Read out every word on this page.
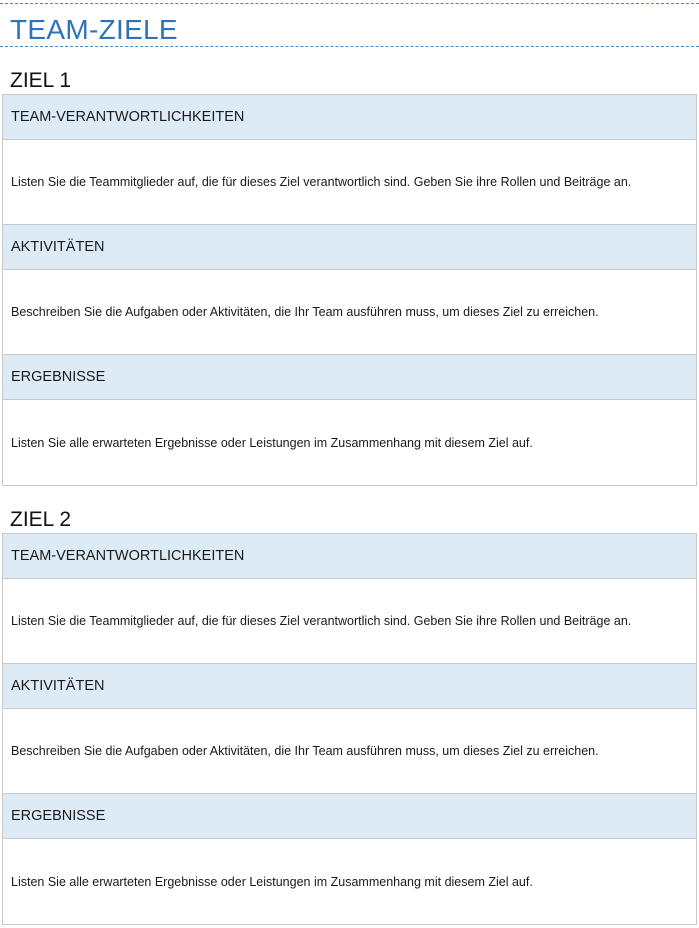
TEAM-ZIELE
ZIEL 1
TEAM-VERANTWORTLICHKEITEN
Listen Sie die Teammitglieder auf, die für dieses Ziel verantwortlich sind. Geben Sie ihre Rollen und Beiträge an.
AKTIVITÄTEN
Beschreiben Sie die Aufgaben oder Aktivitäten, die Ihr Team ausführen muss, um dieses Ziel zu erreichen.
ERGEBNISSE
Listen Sie alle erwarteten Ergebnisse oder Leistungen im Zusammenhang mit diesem Ziel auf.
ZIEL 2
TEAM-VERANTWORTLICHKEITEN
Listen Sie die Teammitglieder auf, die für dieses Ziel verantwortlich sind. Geben Sie ihre Rollen und Beiträge an.
AKTIVITÄTEN
Beschreiben Sie die Aufgaben oder Aktivitäten, die Ihr Team ausführen muss, um dieses Ziel zu erreichen.
ERGEBNISSE
Listen Sie alle erwarteten Ergebnisse oder Leistungen im Zusammenhang mit diesem Ziel auf.
